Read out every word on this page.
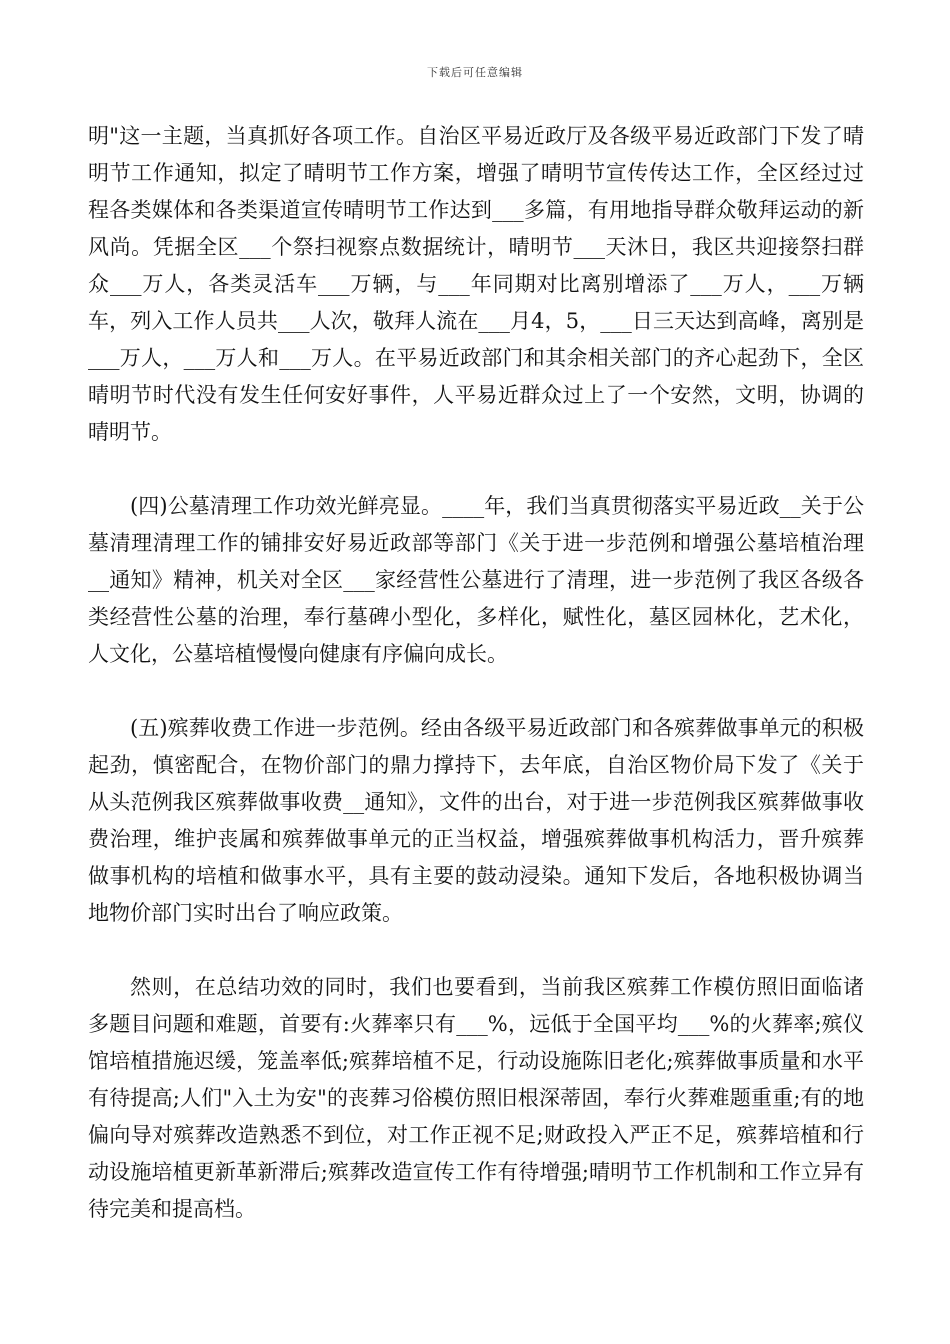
下载后可任意编辑

明"这一主题，当真抓好各项工作。自治区平易近政厅及各级平易近政部门下发了晴明节工作通知，拟定了晴明节工作方案，增强了晴明节宣传传达工作，全区经过过程各类媒体和各类渠道宣传晴明节工作达到___多篇，有用地指导群众敬拜运动的新风尚。凭据全区___个祭扫视察点数据统计，晴明节___天沐日，我区共迎接祭扫群众___万人，各类灵活车___万辆，与___年同期对比离别增添了___万人，___万辆车，列入工作人员共___人次，敬拜人流在___月4，5，___日三天达到高峰，离别是___万人，___万人和___万人。在平易近政部门和其余相关部门的齐心起劲下，全区晴明节时代没有发生任何安好事件，人平易近群众过上了一个安然，文明，协调的晴明节。

(四)公墓清理工作功效光鲜亮显。____年，我们当真贯彻落实平易近政__关于公墓清理清理工作的铺排安好易近政部等部门《关于进一步范例和增强公墓培植治理__通知》精神，机关对全区___家经营性公墓进行了清理，进一步范例了我区各级各类经营性公墓的治理，奉行墓碑小型化，多样化，赋性化，墓区园林化，艺术化，人文化，公墓培植慢慢向健康有序偏向成长。

(五)殡葬收费工作进一步范例。经由各级平易近政部门和各殡葬做事单元的积极起劲，慎密配合，在物价部门的鼎力撑持下，去年底，自治区物价局下发了《关于从头范例我区殡葬做事收费__通知》，文件的出台，对于进一步范例我区殡葬做事收费治理，维护丧属和殡葬做事单元的正当权益，增强殡葬做事机构活力，晋升殡葬做事机构的培植和做事水平，具有主要的鼓动浸染。通知下发后，各地积极协调当地物价部门实时出台了响应政策。

然则，在总结功效的同时，我们也要看到，当前我区殡葬工作模仿照旧面临诸多题目问题和难题，首要有:火葬率只有___%，远低于全国平均___%的火葬率;殡仪馆培植措施迟缓，笼盖率低;殡葬培植不足，行动设施陈旧老化;殡葬做事质量和水平有待提高;人们"入土为安"的丧葬习俗模仿照旧根深蒂固，奉行火葬难题重重;有的地偏向导对殡葬改造熟悉不到位，对工作正视不足;财政投入严正不足，殡葬培植和行动设施培植更新革新滞后;殡葬改造宣传工作有待增强;晴明节工作机制和工作立异有待完美和提高档。
